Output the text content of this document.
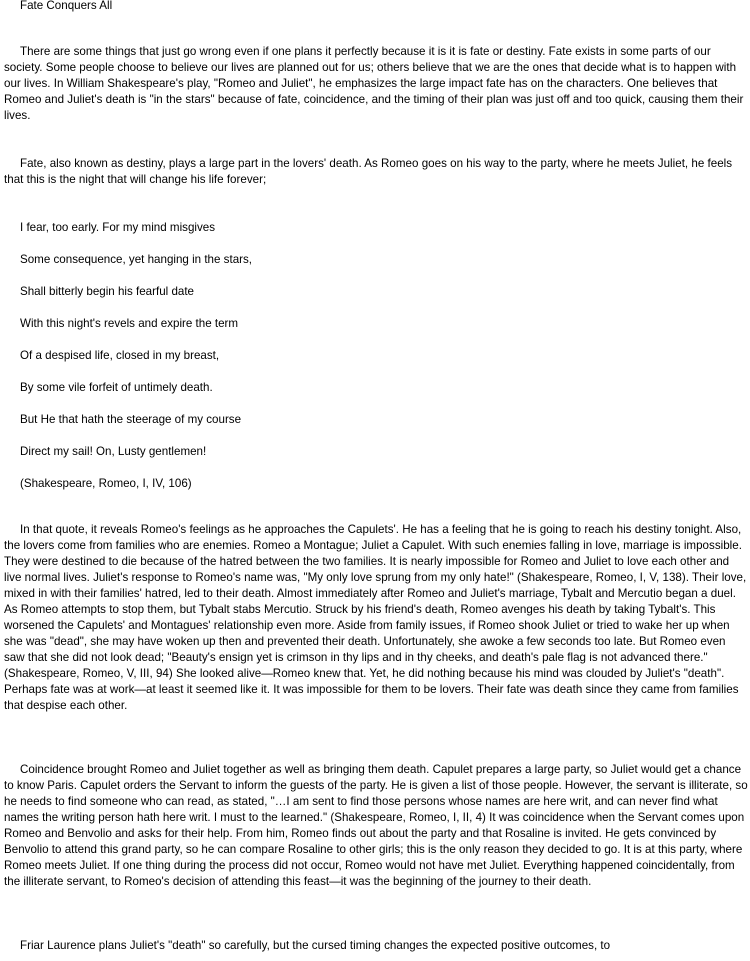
Fate Conquers All

There are some things that just go wrong even if one plans it perfectly because it is it is fate or destiny. Fate exists in some parts of our society. Some people choose to believe our lives are planned out for us; others believe that we are the ones that decide what is to happen with our lives. In William Shakespeare's play, "Romeo and Juliet", he emphasizes the large impact fate has on the characters. One believes that Romeo and Juliet's death is "in the stars" because of fate, coincidence, and the timing of their plan was just off and too quick, causing them their lives.

Fate, also known as destiny, plays a large part in the lovers' death. As Romeo goes on his way to the party, where he meets Juliet, he feels that this is the night that will change his life forever;

I fear, too early. For my mind misgives

Some consequence, yet hanging in the stars,

Shall bitterly begin his fearful date

With this night's revels and expire the term

Of a despised life, closed in my breast,

By some vile forfeit of untimely death.

But He that hath the steerage of my course

Direct my sail! On, Lusty gentlemen!

(Shakespeare, Romeo, I, IV, 106)

In that quote, it reveals Romeo's feelings as he approaches the Capulets'. He has a feeling that he is going to reach his destiny tonight. Also, the lovers come from families who are enemies. Romeo a Montague; Juliet a Capulet. With such enemies falling in love, marriage is impossible. They were destined to die because of the hatred between the two families. It is nearly impossible for Romeo and Juliet to love each other and live normal lives. Juliet's response to Romeo's name was, "My only love sprung from my only hate!" (Shakespeare, Romeo, I, V, 138). Their love, mixed in with their families' hatred, led to their death. Almost immediately after Romeo and Juliet's marriage, Tybalt and Mercutio began a duel. As Romeo attempts to stop them, but Tybalt stabs Mercutio. Struck by his friend's death, Romeo avenges his death by taking Tybalt's. This worsened the Capulets' and Montagues' relationship even more. Aside from family issues, if Romeo shook Juliet or tried to wake her up when she was "dead", she may have woken up then and prevented their death. Unfortunately, she awoke a few seconds too late. But Romeo even saw that she did not look dead; "Beauty's ensign yet is crimson in thy lips and in thy cheeks, and death's pale flag is not advanced there." (Shakespeare, Romeo, V, III, 94) She looked alive—Romeo knew that. Yet, he did nothing because his mind was clouded by Juliet's "death". Perhaps fate was at work—at least it seemed like it. It was impossible for them to be lovers. Their fate was death since they came from families that despise each other.

Coincidence brought Romeo and Juliet together as well as bringing them death. Capulet prepares a large party, so Juliet would get a chance to know Paris. Capulet orders the Servant to inform the guests of the party. He is given a list of those people. However, the servant is illiterate, so he needs to find someone who can read, as stated, "…I am sent to find those persons whose names are here writ, and can never find what names the writing person hath here writ. I must to the learned." (Shakespeare, Romeo, I, II, 4) It was coincidence when the Servant comes upon Romeo and Benvolio and asks for their help. From him, Romeo finds out about the party and that Rosaline is invited. He gets convinced by Benvolio to attend this grand party, so he can compare Rosaline to other girls; this is the only reason they decided to go. It is at this party, where Romeo meets Juliet. If one thing during the process did not occur, Romeo would not have met Juliet. Everything happened coincidentally, from the illiterate servant, to Romeo's decision of attending this feast—it was the beginning of the journey to their death.

Friar Laurence plans Juliet's "death" so carefully, but the cursed timing changes the expected positive outcomes, to
